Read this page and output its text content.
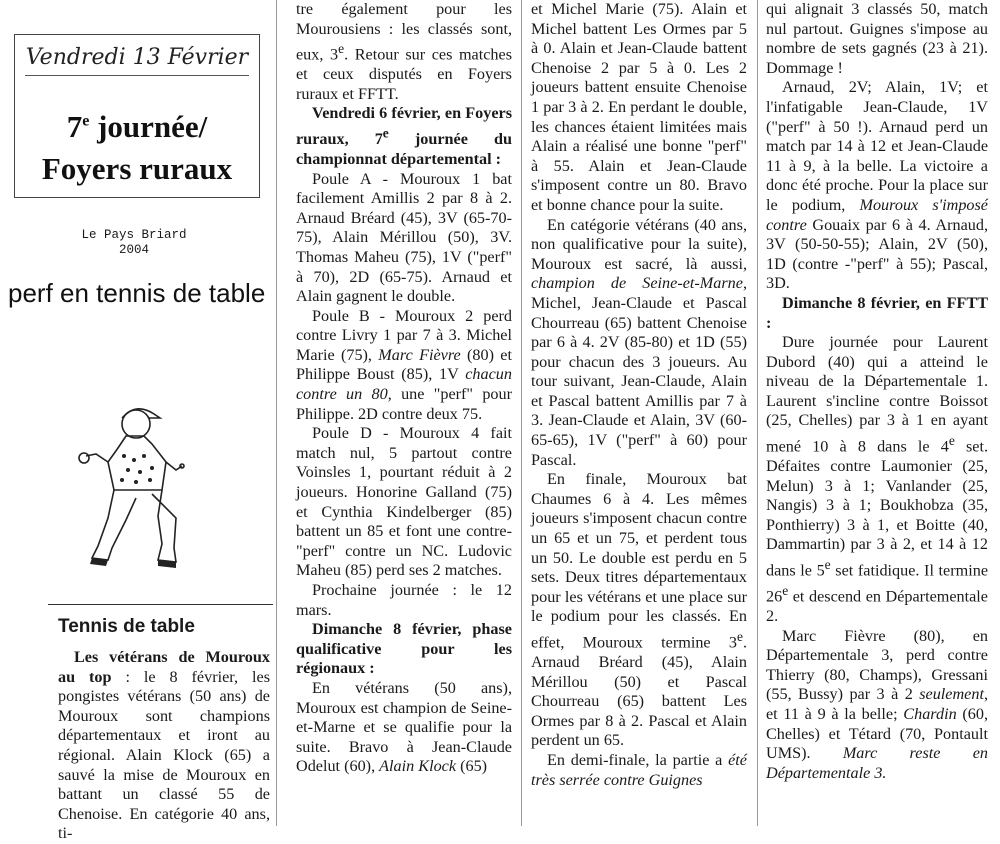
Vendredi 13 Février
7e journée/
Foyers ruraux
Le Pays Briard
2004
perf en tennis de table
Tennis de table

Les vétérans de Mouroux au top : le 8 février, les pongistes vétérans (50 ans) de Mouroux sont champions départementaux et iront au régional. Alain Klock (65) a sauvé la mise de Mouroux en battant un classé 55 de Chenoise. En catégorie 40 ans, ti-

tre également pour les Mourousiens : les classés sont, eux, 3e. Retour sur ces matches et ceux disputés en Foyers ruraux et FFTT.

Vendredi 6 février, en Foyers ruraux, 7e journée du championnat départemental :

Poule A - Mouroux 1 bat facilement Amillis 2 par 8 à 2. Arnaud Bréard (45), 3V (65-70-75), Alain Mérillou (50), 3V. Thomas Maheu (75), 1V ("perf" à 70), 2D (65-75). Arnaud et Alain gagnent le double.

Poule B - Mouroux 2 perd contre Livry 1 par 7 à 3. Michel Marie (75), Marc Fièvre (80) et Philippe Boust (85), 1V chacun contre un 80, une "perf" pour Philippe. 2D contre deux 75.

Poule D - Mouroux 4 fait match nul, 5 partout contre Voinsles 1, pourtant réduit à 2 joueurs. Honorine Galland (75) et Cynthia Kindelberger (85) battent un 85 et font une contre-"perf" contre un NC. Ludovic Maheu (85) perd ses 2 matches.

Prochaine journée : le 12 mars.

Dimanche 8 février, phase qualificative pour les régionaux :

En vétérans (50 ans), Mouroux est champion de Seine-et-Marne et se qualifie pour la suite. Bravo à Jean-Claude Odelut (60), Alain Klock (65)

et Michel Marie (75). Alain et Michel battent Les Ormes par 5 à 0. Alain et Jean-Claude battent Chenoise 2 par 5 à 0. Les 2 joueurs battent ensuite Chenoise 1 par 3 à 2. En perdant le double, les chances étaient limitées mais Alain a réalisé une bonne "perf" à 55. Alain et Jean-Claude s'imposent contre un 80. Bravo et bonne chance pour la suite.

En catégorie vétérans (40 ans, non qualificative pour la suite), Mouroux est sacré, là aussi, champion de Seine-et-Marne, Michel, Jean-Claude et Pascal Chourreau (65) battent Chenoise par 6 à 4. 2V (85-80) et 1D (55) pour chacun des 3 joueurs. Au tour suivant, Jean-Claude, Alain et Pascal battent Amillis par 7 à 3. Jean-Claude et Alain, 3V (60-65-65), 1V ("perf" à 60) pour Pascal.

En finale, Mouroux bat Chaumes 6 à 4. Les mêmes joueurs s'imposent chacun contre un 65 et un 75, et perdent tous un 50. Le double est perdu en 5 sets. Deux titres départementaux pour les vétérans et une place sur le podium pour les classés. En effet, Mouroux termine 3e. Arnaud Bréard (45), Alain Mérillou (50) et Pascal Chourreau (65) battent Les Ormes par 8 à 2. Pascal et Alain perdent un 65.

En demi-finale, la partie a été très serrée contre Guignes

qui alignait 3 classés 50, match nul partout. Guignes s'impose au nombre de sets gagnés (23 à 21). Dommage !

Arnaud, 2V; Alain, 1V; et l'infatigable Jean-Claude, 1V ("perf" à 50 !). Arnaud perd un match par 14 à 12 et Jean-Claude 11 à 9, à la belle. La victoire a donc été proche. Pour la place sur le podium, Mouroux s'imposé contre Gouaix par 6 à 4. Arnaud, 3V (50-50-55); Alain, 2V (50), 1D (contre -"perf" à 55); Pascal, 3D.

Dimanche 8 février, en FFTT :

Dure journée pour Laurent Dubord (40) qui a atteind le niveau de la Départementale 1. Laurent s'incline contre Boissot (25, Chelles) par 3 à 1 en ayant mené 10 à 8 dans le 4e set. Défaites contre Laumonier (25, Melun) 3 à 1; Vanlander (25, Nangis) 3 à 1; Boukhobza (35, Ponthierry) 3 à 1, et Boitte (40, Dammartin) par 3 à 2, et 14 à 12 dans le 5e set fatidique. Il termine 26e et descend en Départementale 2.

Marc Fièvre (80), en Départementale 3, perd contre Thierry (80, Champs), Gressani (55, Bussy) par 3 à 2 seulement, et 11 à 9 à la belle; Chardin (60, Chelles) et Tétard (70, Pontault UMS). Marc reste en Départementale 3.
